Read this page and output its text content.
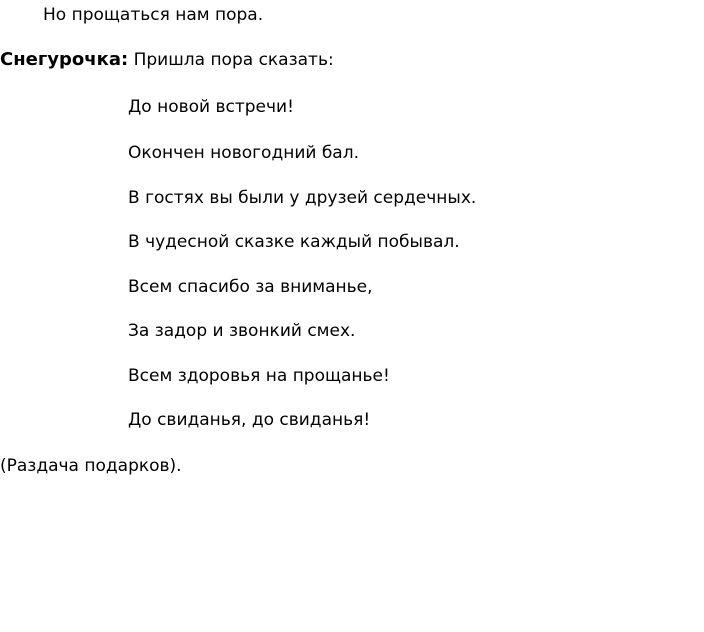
Но прощаться нам пора.
Снегурочка: Пришла пора сказать:
До новой встречи!
Окончен новогодний бал.
В гостях вы были у друзей сердечных.
В чудесной сказке каждый побывал.
Всем спасибо за вниманье,
За задор и звонкий смех.
Всем здоровья на прощанье!
До свиданья, до свиданья!
(Раздача подарков).
